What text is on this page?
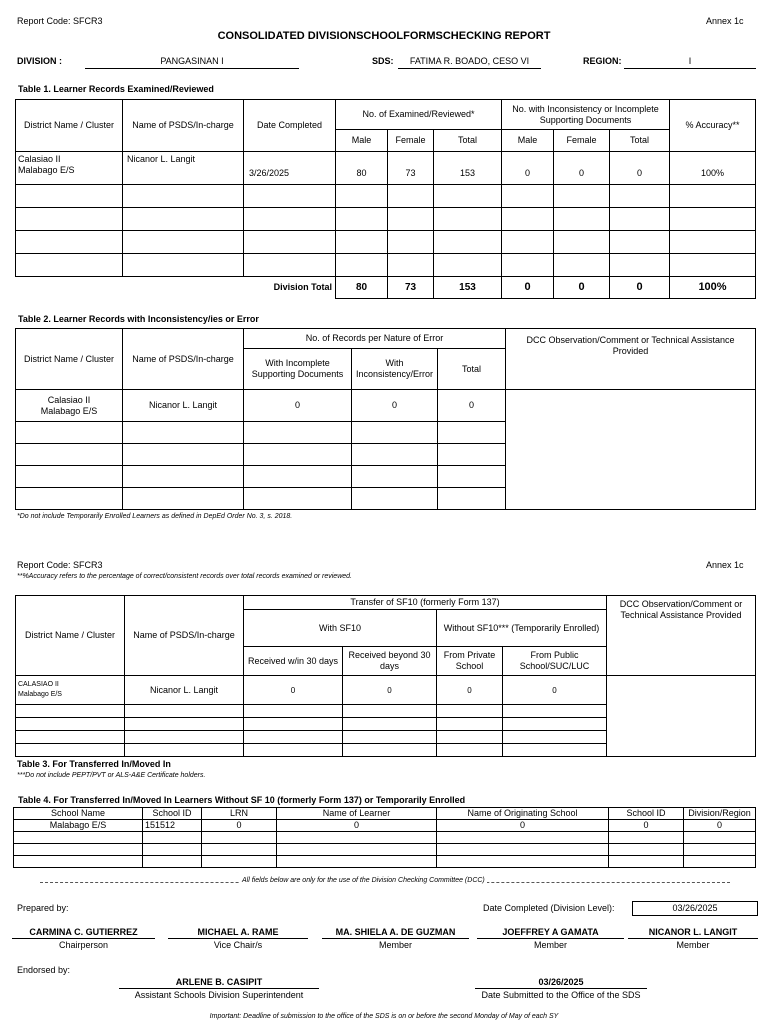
Report Code: SFCR3	Annex 1c
CONSOLIDATED DIVISIONSCHOOLFORMSCHECKING REPORT
DIVISION :	PANGASINAN I	SDS:	FATIMA R. BOADO, CESO VI	REGION:	I
Table 1. Learner Records Examined/Reviewed
District Name / Cluster	Name of PSDS/In-charge	Date Completed	No. of Examined/Reviewed*			No. with Inconsistency or Incomplete Supporting Documents			% Accuracy**
			Male	Female	Total	Male	Female	Total	
Calasiao II
Malabago E/S	Nicanor L. Langit	3/26/2025	80	73	153	0	0	0	100%

		Division Total	80	73	153	0	0	0	100%
Table 2. Learner Records with Inconsistency/ies or Error
District Name / Cluster	Name of PSDS/In-charge	No. of Records per Nature of Error			DCC Observation/Comment or Technical Assistance Provided
		With Incomplete Supporting Documents	With Inconsistency/Error	Total	
Calasiao II
Malabago E/S	Nicanor L. Langit	0	0	0	

*Do not include Temporarily Enrolled Learners as defined in DepEd Order No. 3, s. 2018.
Report Code: SFCR3	Annex 1c
**%Accuracy refers to the percentage of correct/consistent records over total records examined or reviewed.
District Name / Cluster	Name of PSDS/In-charge	Transfer of SF10 (formerly Form 137)				DCC Observation/Comment or Technical Assistance Provided
		With SF10		Without SF10*** (Temporarily Enrolled)		
		Received w/in 30 days	Received beyond 30 days	From Private School	From Public School/SUC/LUC	
CALASIAO II
Malabago E/S	Nicanor L. Langit	0	0	0	0	

Table 3. For Transferred In/Moved In
***Do not include PEPT/PVT or ALS-A&E Certificate holders.
Table 4. For Transferred In/Moved In Learners Without SF 10 (formerly Form 137) or Temporarily Enrolled
School Name	School ID	LRN	Name of Learner	Name of Originating School	School ID	Division/Region
Malabago E/S	151512	0	0	0	0	0

All fields below are only for the use of the Division Checking Committee (DCC)
Prepared by:	Date Completed (Division Level):	03/26/2025
CARMINA C. GUTIERREZ
Chairperson
MICHAEL A. RAME
Vice Chair/s
MA. SHIELA A. DE GUZMAN
Member
JOEFFREY A GAMATA
Member
NICANOR L. LANGIT
Member
Endorsed by:
ARLENE B. CASIPIT
Assistant Schools Division Superintendent
03/26/2025
Date Submitted to the Office of the SDS
Important: Deadline of submission to the office of the SDS is on or before the second Monday of May of each SY
